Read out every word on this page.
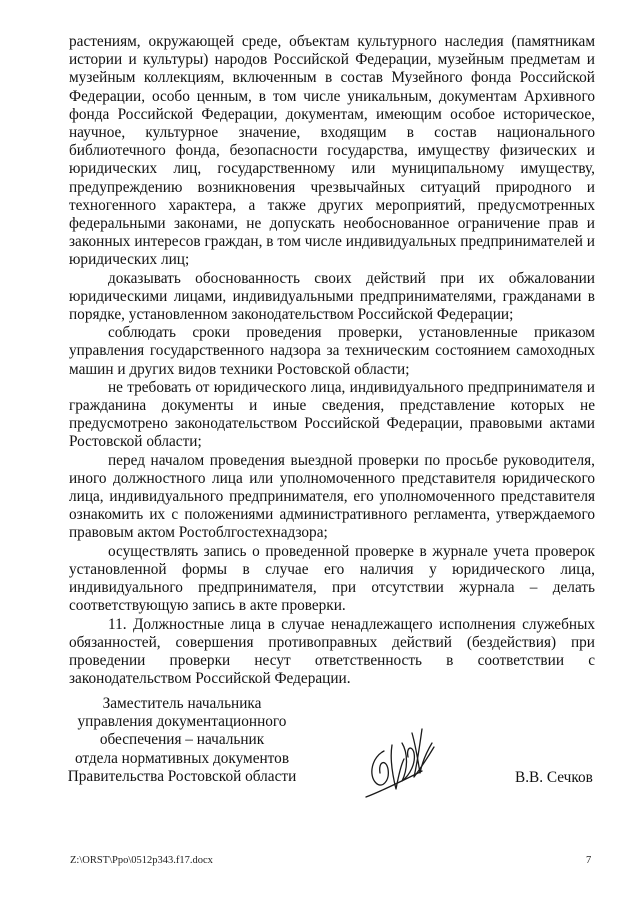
растениям, окружающей среде, объектам культурного наследия (памятникам истории и культуры) народов Российской Федерации, музейным предметам и музейным коллекциям, включенным в состав Музейного фонда Российской Федерации, особо ценным, в том числе уникальным, документам Архивного фонда Российской Федерации, документам, имеющим особое историческое, научное, культурное значение, входящим в состав национального библиотечного фонда, безопасности государства, имуществу физических и юридических лиц, государственному или муниципальному имуществу, предупреждению возникновения чрезвычайных ситуаций природного и техногенного характера, а также других мероприятий, предусмотренных федеральными законами, не допускать необоснованное ограничение прав и законных интересов граждан, в том числе индивидуальных предпринимателей и юридических лиц;

доказывать обоснованность своих действий при их обжаловании юридическими лицами, индивидуальными предпринимателями, гражданами в порядке, установленном законодательством Российской Федерации;

соблюдать сроки проведения проверки, установленные приказом управления государственного надзора за техническим состоянием самоходных машин и других видов техники Ростовской области;

не требовать от юридического лица, индивидуального предпринимателя и гражданина документы и иные сведения, представление которых не предусмотрено законодательством Российской Федерации, правовыми актами Ростовской области;

перед началом проведения выездной проверки по просьбе руководителя, иного должностного лица или уполномоченного представителя юридического лица, индивидуального предпринимателя, его уполномоченного представителя ознакомить их с положениями административного регламента, утверждаемого правовым актом Ростоблгостехнадзора;

осуществлять запись о проведенной проверке в журнале учета проверок установленной формы в случае его наличия у юридического лица, индивидуального предпринимателя, при отсутствии журнала – делать соответствующую запись в акте проверки.

11. Должностные лица в случае ненадлежащего исполнения служебных обязанностей, совершения противоправных действий (бездействия) при проведении проверки несут ответственность в соответствии с законодательством Российской Федерации.

Заместитель начальника
управления документационного
обеспечения – начальник
отдела нормативных документов
Правительства Ростовской области	В.В. Сечков
Z:\ORST\Ppo\0512p343.f17.docx	7
